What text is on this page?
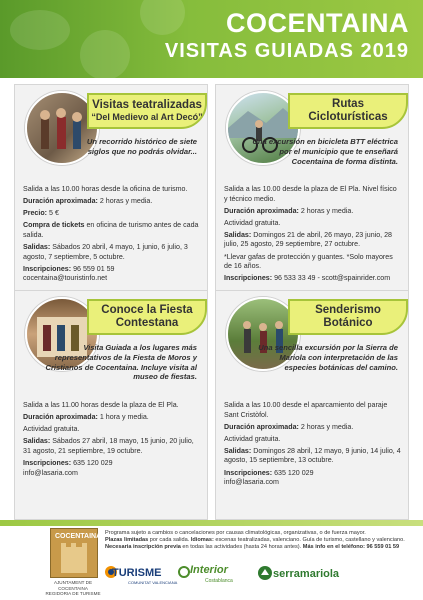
COCENTAINA
VISITAS GUIADAS 2019
Visitas teatralizadas
“Del Medievo al Art Decó”
Un recorrido histórico de siete siglos que no podrás olvidar...

Salida a las 10.00 horas desde la oficina de turismo.

Duración aproximada: 2 horas y media.

Precio: 5 €

Compra de tickets en oficina de turismo antes de cada salida.

Salidas: Sábados 20 abril, 4 mayo, 1 junio, 6 julio, 3 agosto, 7 septiembre, 5 octubre.

Inscripciones: 96 559 01 59

cocentaina@touristinfo.net

Rutas Cicloturísticas
Una excursión en bicicleta BTT eléctrica por el municipio que te enseñará Cocentaina de forma distinta.

Salida a las 10.00 desde la plaza de El Pla. Nivel físico y técnico medio.

Duración aproximada: 2 horas y media.

Actividad gratuita.

Salidas: Domingos 21 de abril, 26 mayo, 23 junio, 28 julio, 25 agosto, 29 septiembre, 27 octubre.

*Llevar gafas de protección y guantes. *Solo mayores de 16 años.

Inscripciones: 96 533 33 49 - scott@spainrider.com

Conoce la Fiesta Contestana
Visita Guiada a los lugares más representativos de la Fiesta de Moros y Cristianos de Cocentaina. Incluye visita al museo de fiestas.

Salida a las 11.00 horas desde la plaza de El Pla.

Duración aproximada: 1 hora y media.

Actividad gratuita.

Salidas: Sábados 27 abril, 18 mayo, 15 junio, 20 julio, 31 agosto, 21 septiembre, 19 octubre.

Inscripciones: 635 120 029

info@lasaria.com

Senderismo Botánico
Una sencilla excursión por la Sierra de Mariola con interpretación de las especies botánicas del camino.

Salida a las 10.00 desde el aparcamiento del paraje Sant Cristòfol.

Duración aproximada: 2 horas y media.

Actividad gratuita.

Salidas: Domingos 28 abril, 12 mayo, 9 junio, 14 julio, 4 agosto, 15 septiembre, 13 octubre.

Inscripciones: 635 120 029

info@lasaria.com

COCENTAINA
AJUNTAMENT DE COCENTAINA
REGIDORIA DE TURISME
Programa sujeto a cambios o cancelaciones por causas climatológicas, organizativas, o de fuerza mayor.
Plazas limitadas por cada salida. Idiomas: escenas teatralizadas, valenciano. Guía de turismo, castellano y valenciano.
Necesaria inscripción previa en todas las actividades (hasta 24 horas antes). Más info en el teléfono: 96 559 01 59
TURISME
COMUNITAT VALENCIANA
Interior
Costablanca
serramariola
